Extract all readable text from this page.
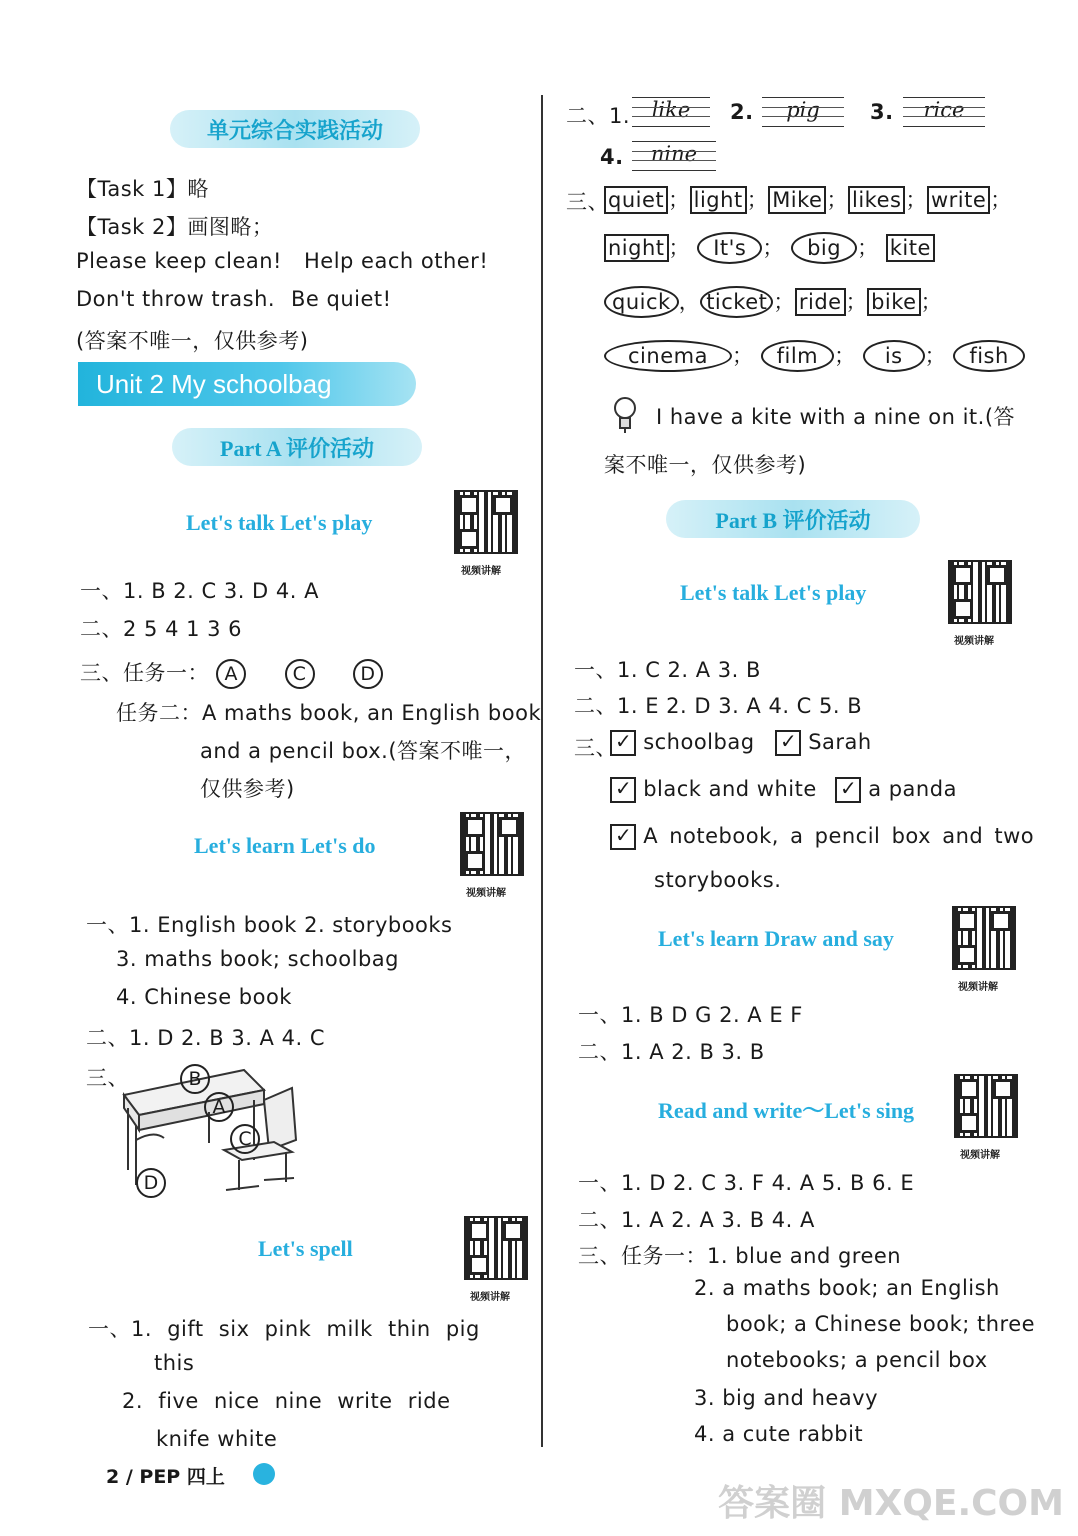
单元综合实践活动
【Task 1】略
【Task 2】画图略；
Please keep clean! Help each other!
Don't throw trash. Be quiet!
(答案不唯一，仅供参考)
Unit 2 My schoolbag
Part A 评价活动
Let's talk Let's play
视频讲解
一、1. B 2. C 3. D 4. A
二、2 5 4 1 3 6
三、任务一： A	C	D
任务二：A maths book, an English book
and a pencil box.(答案不唯一，
仅供参考)
Let's learn Let's do
视频讲解
一、1. English book 2. storybooks
3. maths book; schoolbag
4. Chinese book
二、1. D 2. B 3. A 4. C
三、	B
A
C
D
Let's spell
视频讲解
一、1. gift six pink milk thin pig
this
2. five nice nine write ride
knife white
2 / PEP 四上
二、1.	like	2.	pig	3.	rice
4.	nine
三、 quiet ； light ； Mike ； likes ； write ；
night ； It's ； big ； kite
quick ， ticket ； ride ； bike ；
cinema ； film ； is ； fish
I have a kite with a nine on it.(答
案不唯一，仅供参考)
Part B 评价活动
Let's talk Let's play
视频讲解
一、1. C 2. A 3. B
二、1. E 2. D 3. A 4. C 5. B
三、 ✓	schoolbag ✓	Sarah
✓ black and white ✓	a panda
✓ A notebook, a pencil box and two
storybooks.
Let's learn Draw and say
视频讲解
一、1. B D G 2. A E F
二、1. A 2. B 3. B
Read and write～Let's sing
视频讲解
一、1. D 2. C 3. F 4. A 5. B 6. E
二、1. A 2. A 3. B 4. A
三、任务一：1. blue and green
2. a maths book; an English
book; a Chinese book; three
notebooks; a pencil box
3. big and heavy
4. a cute rabbit
答案圈 MXQE.COM
